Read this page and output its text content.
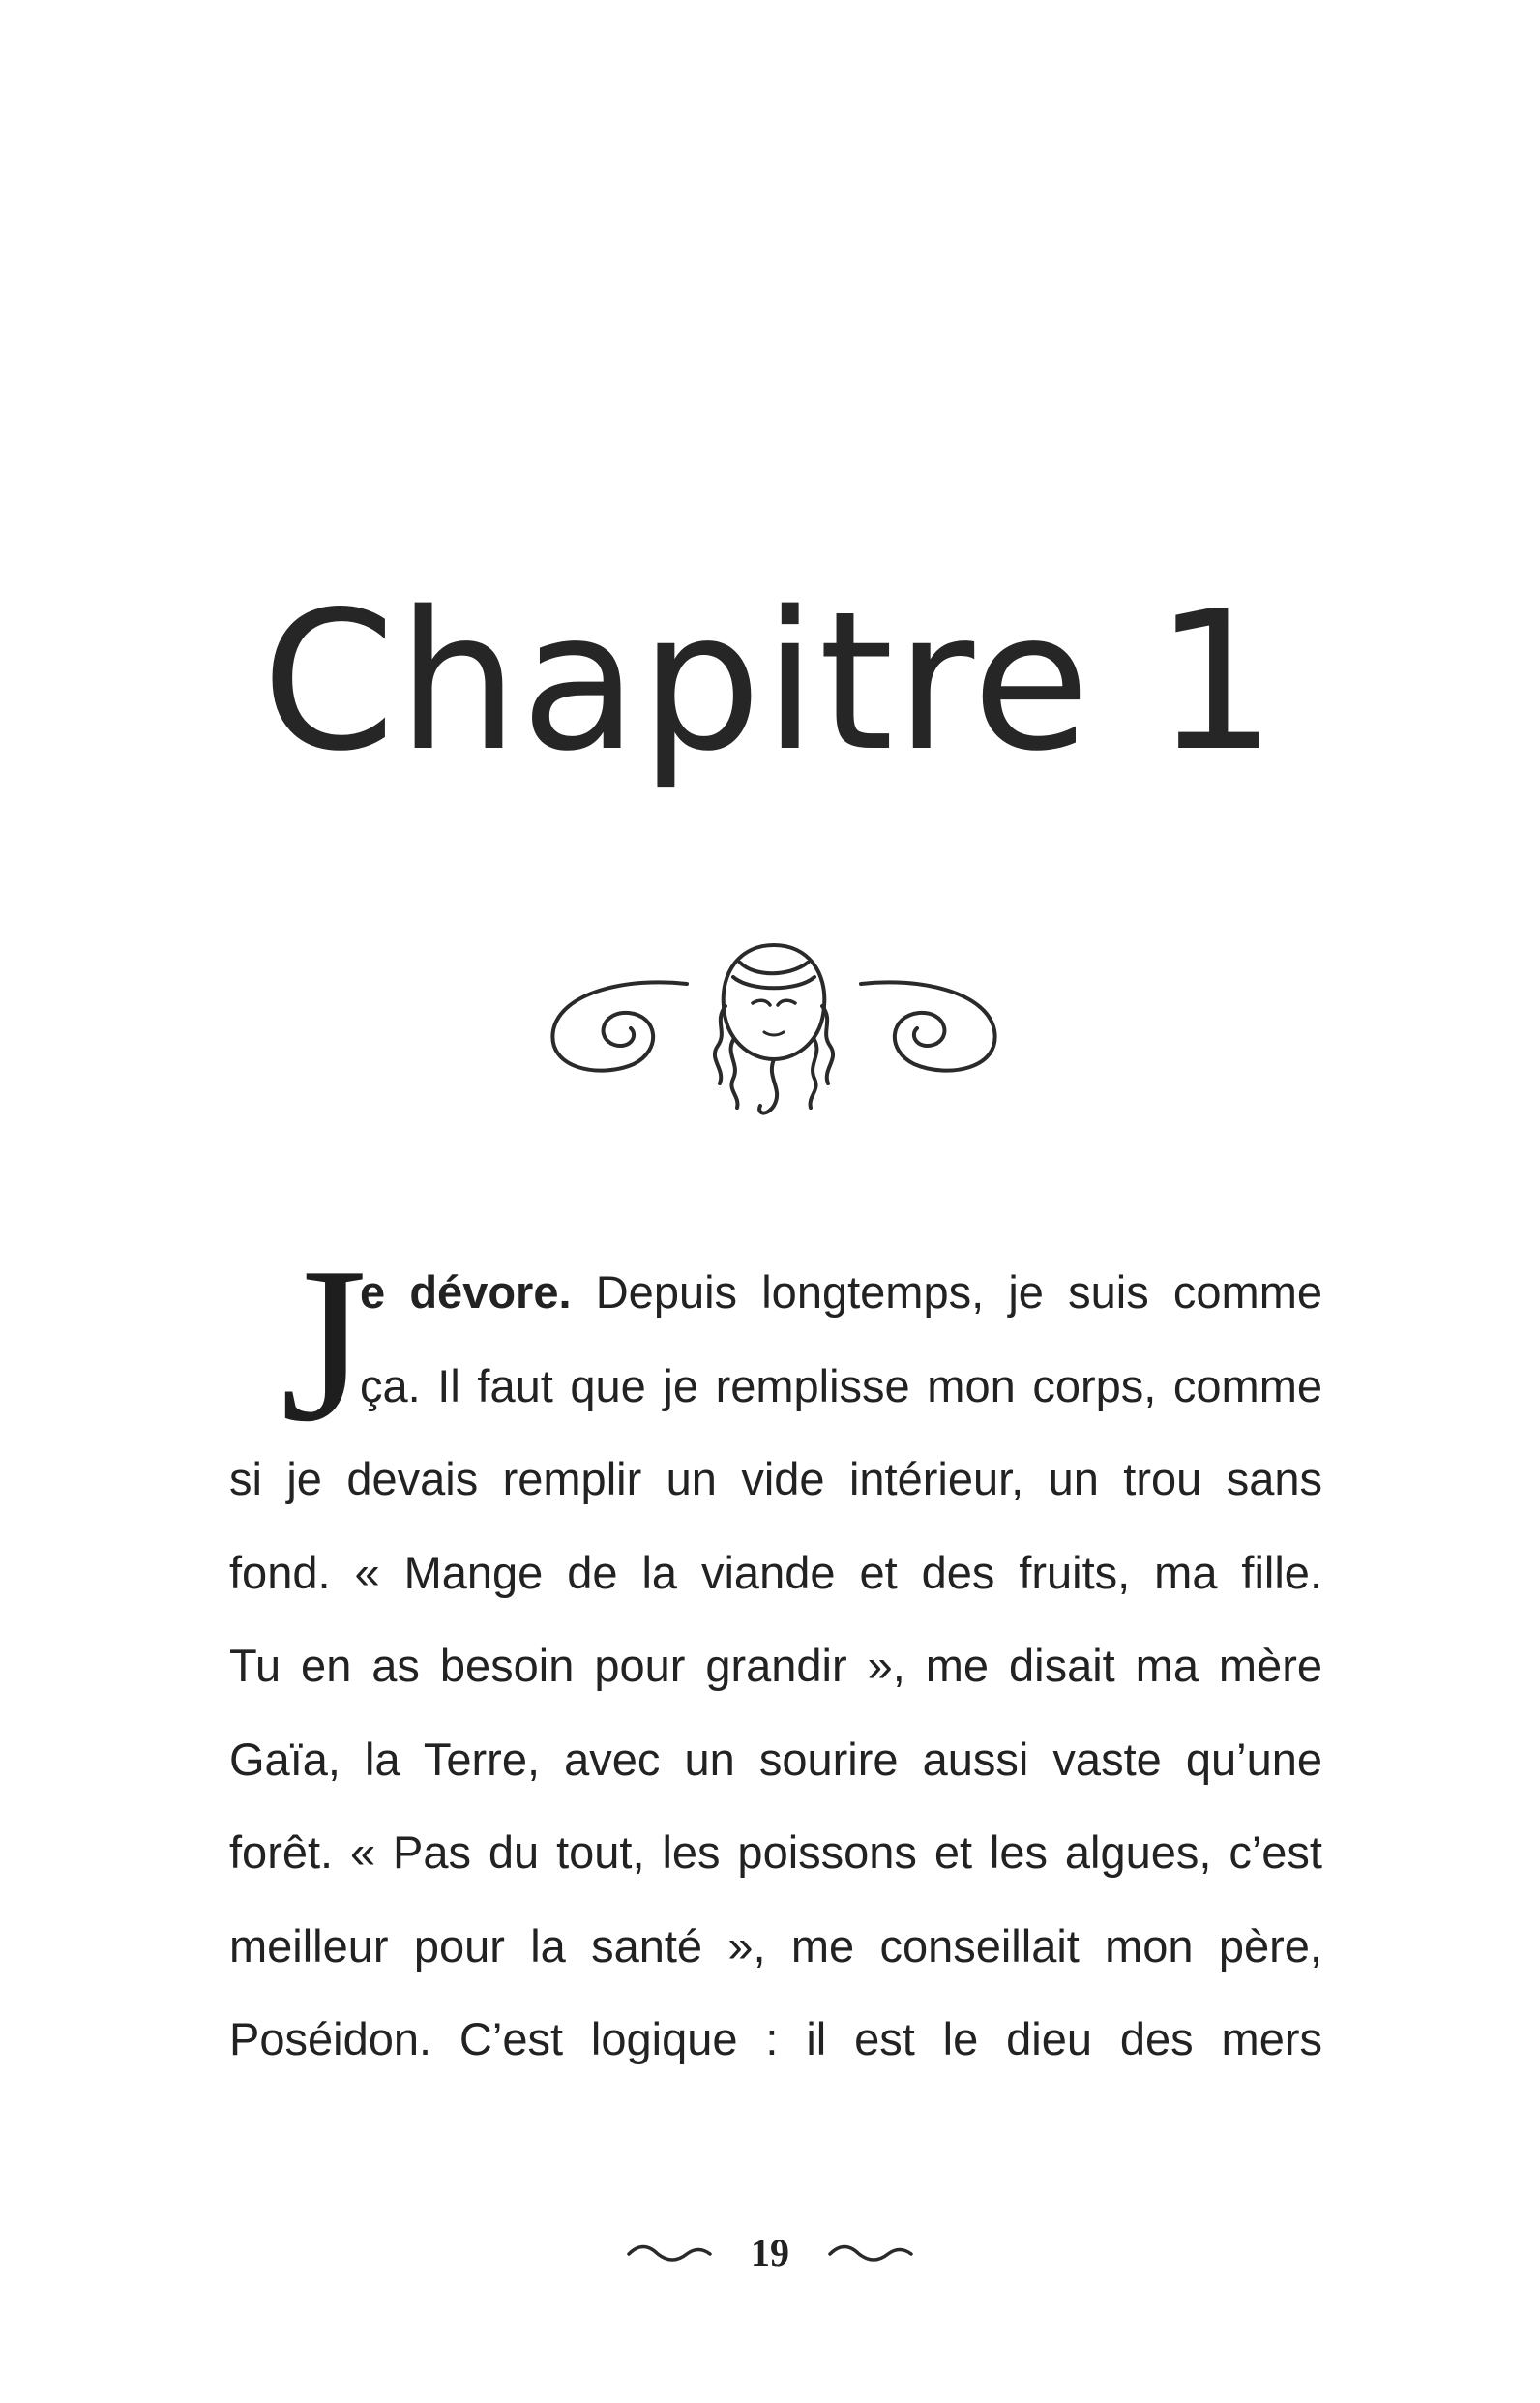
Chapitre 1
J
e dévore. Depuis longtemps, je suis comme
ça. Il faut que je remplisse mon corps, comme
si je devais remplir un vide intérieur, un trou sans
fond. « Mange de la viande et des fruits, ma fille.
Tu en as besoin pour grandir », me disait ma mère
Gaïa, la Terre, avec un sourire aussi vaste qu’une
forêt. « Pas du tout, les poissons et les algues, c’est
meilleur pour la santé », me conseillait mon père,
Poséidon. C’est logique : il est le dieu des mers
19
